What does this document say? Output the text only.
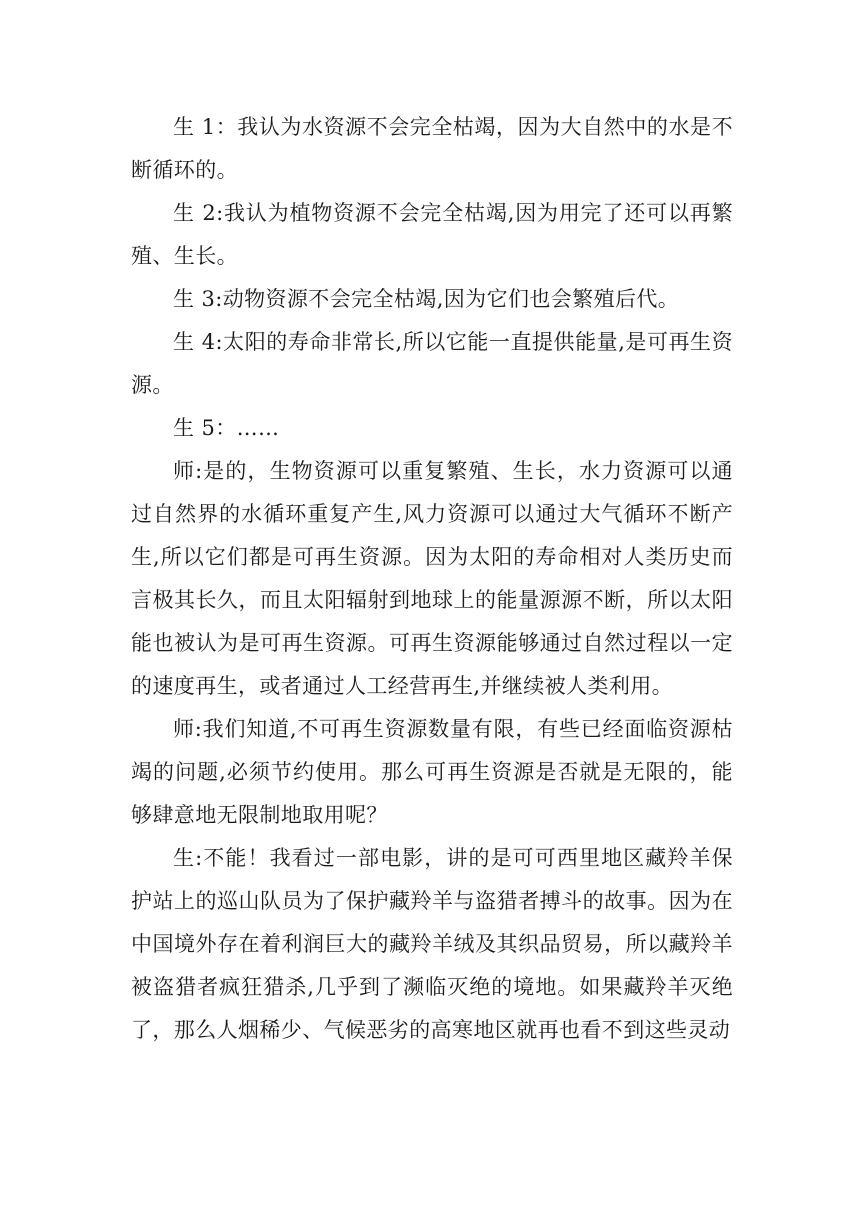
生 1：我认为水资源不会完全枯竭，因为大自然中的水是不断循环的。

生 2:我认为植物资源不会完全枯竭,因为用完了还可以再繁殖、生长。

生 3:动物资源不会完全枯竭,因为它们也会繁殖后代。

生 4:太阳的寿命非常长,所以它能一直提供能量,是可再生资源。

生 5：……

师:是的，生物资源可以重复繁殖、生长，水力资源可以通过自然界的水循环重复产生,风力资源可以通过大气循环不断产生,所以它们都是可再生资源。因为太阳的寿命相对人类历史而言极其长久，而且太阳辐射到地球上的能量源源不断，所以太阳能也被认为是可再生资源。可再生资源能够通过自然过程以一定的速度再生，或者通过人工经营再生,并继续被人类利用。

师:我们知道,不可再生资源数量有限，有些已经面临资源枯竭的问题,必须节约使用。那么可再生资源是否就是无限的，能够肆意地无限制地取用呢？

生:不能！我看过一部电影，讲的是可可西里地区藏羚羊保护站上的巡山队员为了保护藏羚羊与盗猎者搏斗的故事。因为在中国境外存在着利润巨大的藏羚羊绒及其织品贸易，所以藏羚羊被盗猎者疯狂猎杀,几乎到了濒临灭绝的境地。如果藏羚羊灭绝了，那么人烟稀少、气候恶劣的高寒地区就再也看不到这些灵动
